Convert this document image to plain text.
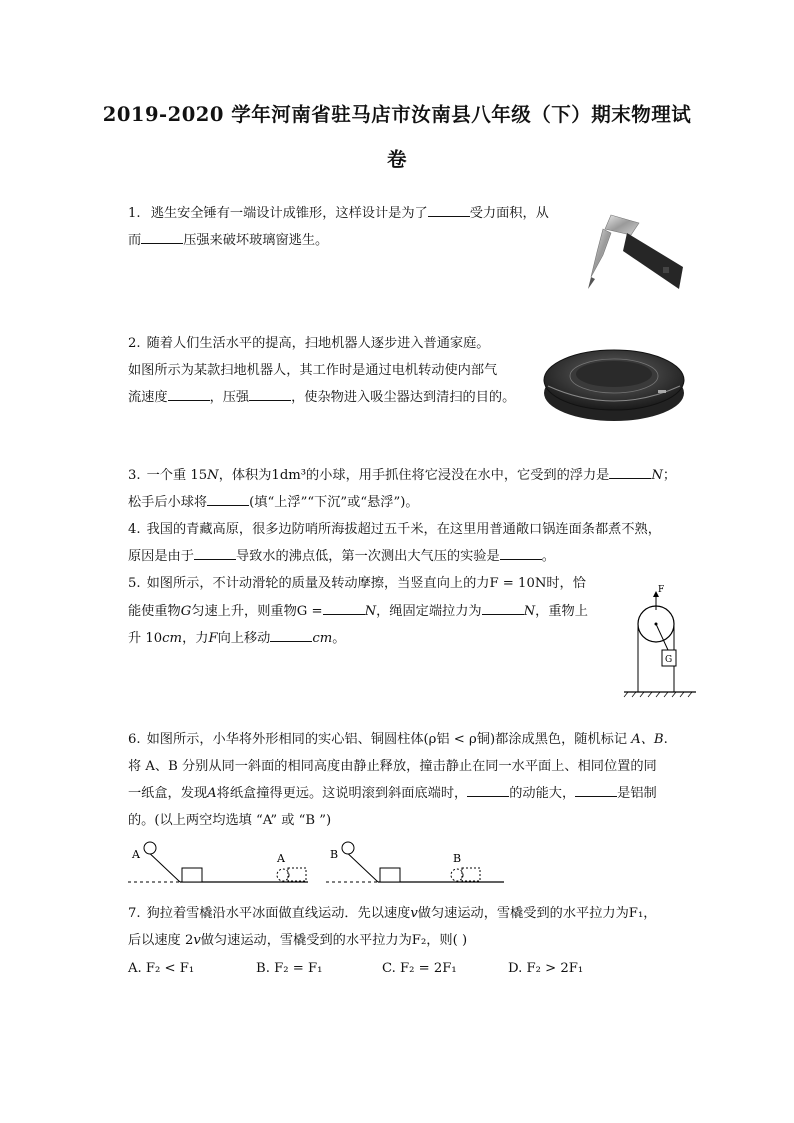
2019-2020 学年河南省驻马店市汝南县八年级（下）期末物理试
卷
1. 逃生安全锤有一端设计成锥形，这样设计是为了	受力面积，从
而	压强来破坏玻璃窗逃生。
2. 随着人们生活水平的提高，扫地机器人逐步进入普通家庭。
如图所示为某款扫地机器人，其工作时是通过电机转动使内部气
流速度	，压强	，使杂物进入吸尘器达到清扫的目的。
3. 一个重 15N，体积为1dm³的小球，用手抓住将它浸没在水中，它受到的浮力是	N；
松手后小球将	(填“上浮”“下沉”或“悬浮”)。
4. 我国的青藏高原，很多边防哨所海拔超过五千米，在这里用普通敞口锅连面条都煮不熟，
原因是由于	导致水的沸点低，第一次测出大气压的实验是	。
5. 如图所示，不计动滑轮的质量及转动摩擦，当竖直向上的力F = 10N时，恰
能使重物G匀速上升，则重物G =	N，绳固定端拉力为	N，重物上
升 10cm，力F向上移动	cm。
F
G
6. 如图所示，小华将外形相同的实心铝、铜圆柱体(ρ铝 < ρ铜)都涂成黑色，随机标记 A、B.
将 A、B 分别从同一斜面的相同高度由静止释放，撞击静止在同一水平面上、相同位置的同
一纸盒，发现A将纸盒撞得更远。这说明滚到斜面底端时，	的动能大，	是铝制
的。(以上两空均选填 “A” 或 “B ”)
A	A	B	B
7. 狗拉着雪橇沿水平冰面做直线运动．先以速度v做匀速运动，雪橇受到的水平拉力为F₁，
后以速度 2v做匀速运动，雪橇受到的水平拉力为F₂，则( )
A. F₂ < F₁	B. F₂ = F₁	C. F₂ = 2F₁	D. F₂ > 2F₁
